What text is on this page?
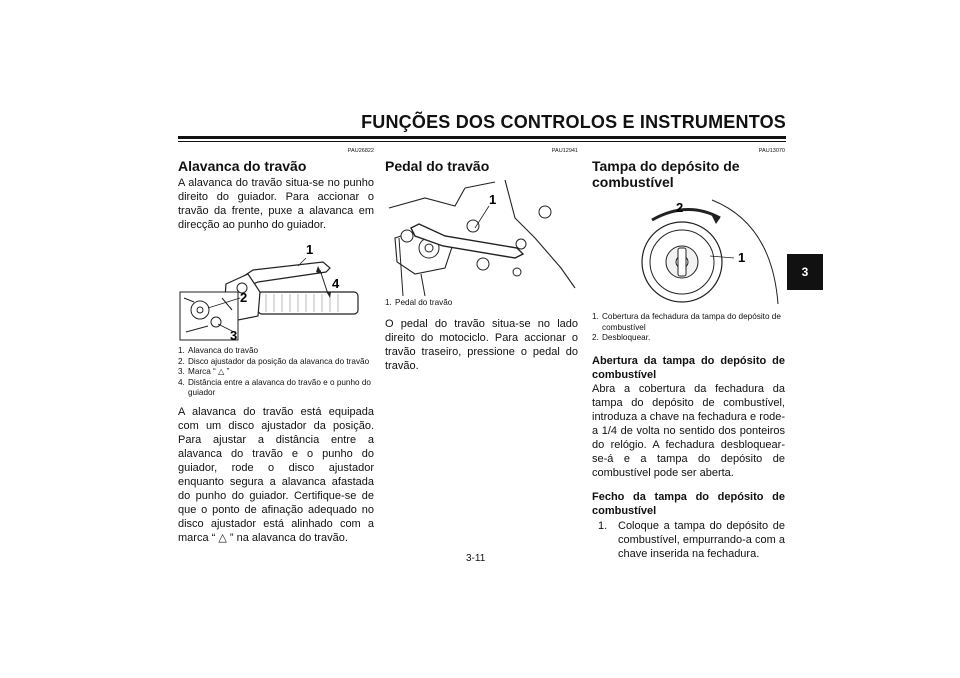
FUNÇÕES DOS CONTROLOS E INSTRUMENTOS
3
PAU26822
Alavanca do travão

A alavanca do travão situa-se no punho direito do guiador. Para accionar o travão da frente, puxe a alavanca em direcção ao punho do guiador.

1
2
3
4
1. Alavanca do travão
2. Disco ajustador da posição da alavanca do travão
3. Marca “ △ ”
4. Distância entre a alavanca do travão e o punho do guiador

A alavanca do travão está equipada com um disco ajustador da posição. Para ajustar a distância entre a alavanca do travão e o punho do guiador, rode o disco ajustador enquanto segura a alavanca afastada do punho do guiador. Certifique-se de que o ponto de afinação adequado no disco ajustador está alinhado com a marca “ △ ” na alavanca do travão.

PAU12941
Pedal do travão
1
1. Pedal do travão

O pedal do travão situa-se no lado direito do motociclo. Para accionar o travão traseiro, pressione o pedal do travão.

PAU13070
Tampa do depósito de combustível
2
1
1. Cobertura da fechadura da tampa do depósito de combustível
2. Desbloquear.

Abertura da tampa do depósito de combustível

Abra a cobertura da fechadura da tampa do depósito de combustível, introduza a chave na fechadura e rode-a 1/4 de volta no sentido dos ponteiros do relógio. A fechadura desbloquear-se-á e a tampa do depósito de combustível pode ser aberta.

Fecho da tampa do depósito de combustível

1. Coloque a tampa do depósito de combustível, empurrando-a com a chave inserida na fechadura.
3-11
